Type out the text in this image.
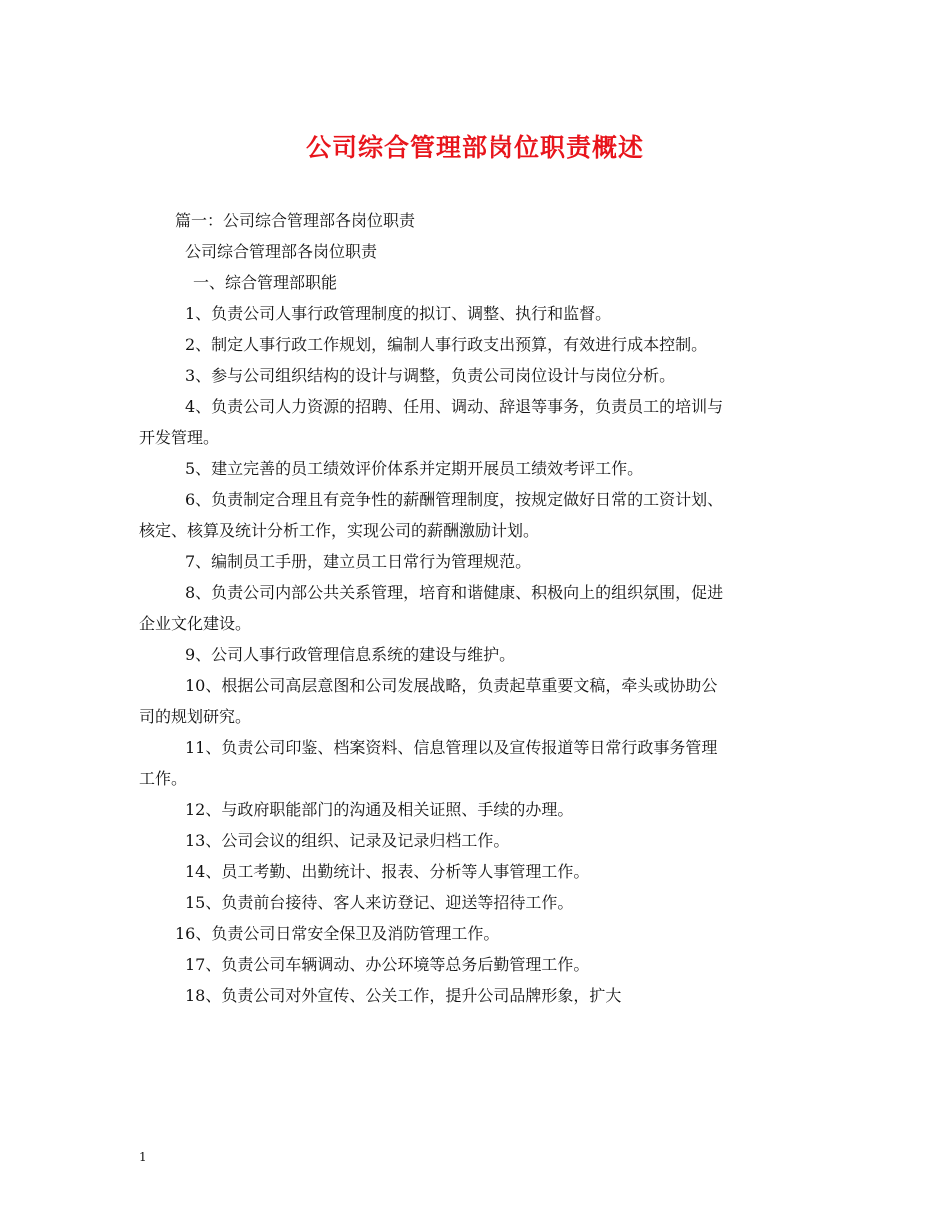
公司综合管理部岗位职责概述
篇一：公司综合管理部各岗位职责
公司综合管理部各岗位职责
一、综合管理部职能
1、负责公司人事行政管理制度的拟订、调整、执行和监督。
2、制定人事行政工作规划，编制人事行政支出预算，有效进行成本控制。
3、参与公司组织结构的设计与调整，负责公司岗位设计与岗位分析。
4、负责公司人力资源的招聘、任用、调动、辞退等事务，负责员工的培训与
开发管理。
5、建立完善的员工绩效评价体系并定期开展员工绩效考评工作。
6、负责制定合理且有竞争性的薪酬管理制度，按规定做好日常的工资计划、
核定、核算及统计分析工作，实现公司的薪酬激励计划。
7、编制员工手册，建立员工日常行为管理规范。
8、负责公司内部公共关系管理，培育和谐健康、积极向上的组织氛围，促进
企业文化建设。
9、公司人事行政管理信息系统的建设与维护。
10、根据公司高层意图和公司发展战略，负责起草重要文稿，牵头或协助公
司的规划研究。
11、负责公司印鉴、档案资料、信息管理以及宣传报道等日常行政事务管理
工作。
12、与政府职能部门的沟通及相关证照、手续的办理。
13、公司会议的组织、记录及记录归档工作。
14、员工考勤、出勤统计、报表、分析等人事管理工作。
15、负责前台接待、客人来访登记、迎送等招待工作。
16、负责公司日常安全保卫及消防管理工作。
17、负责公司车辆调动、办公环境等总务后勤管理工作。
18、负责公司对外宣传、公关工作，提升公司品牌形象，扩大
1
